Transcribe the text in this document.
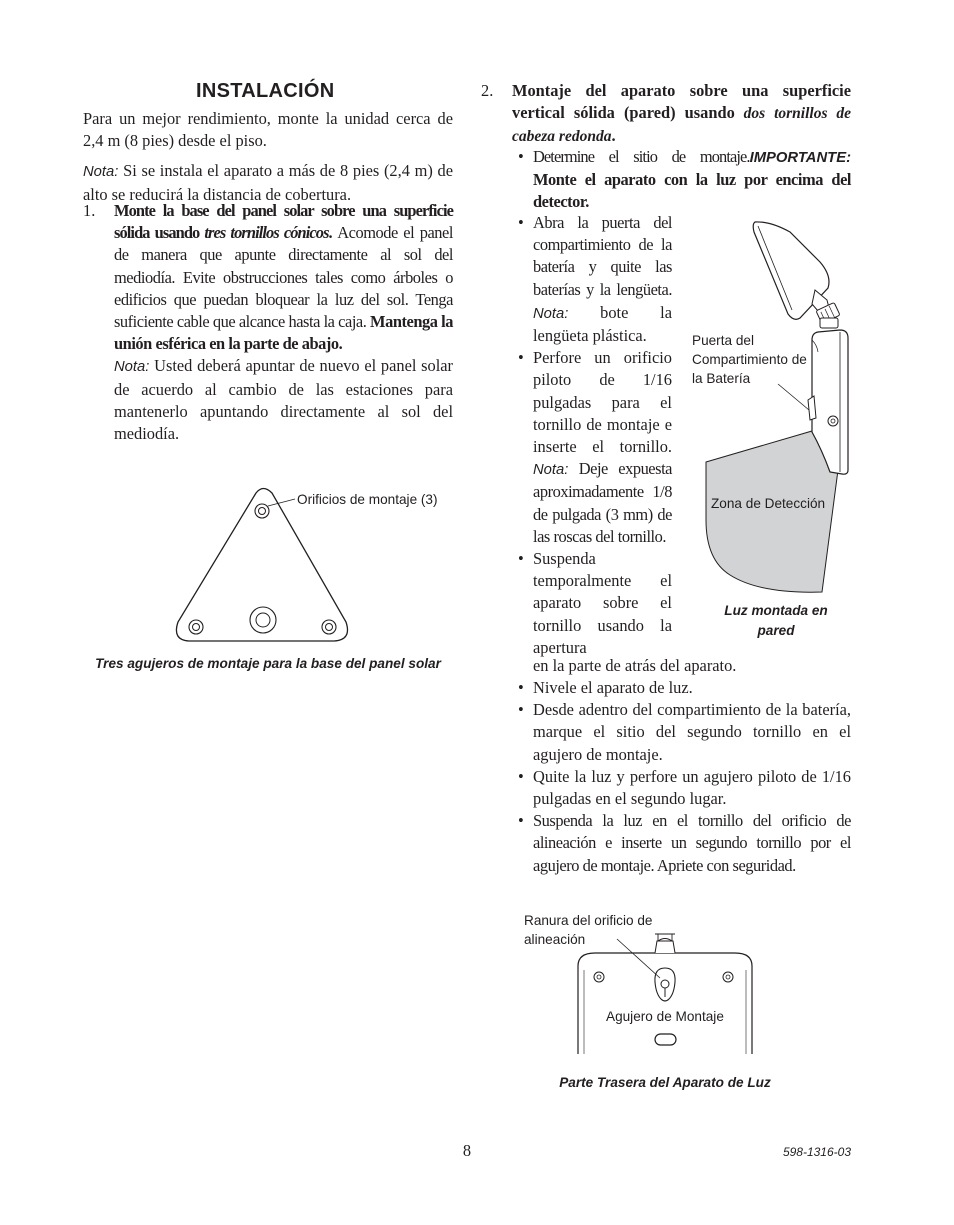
INSTALACIÓN

Para un mejor rendimiento, monte la unidad cerca de 2,4 m (8 pies) desde el piso.

Nota: Si se instala el aparato a más de 8 pies (2,4 m) de alto se reducirá la distancia de cobertura.

1. Monte la base del panel solar sobre una superficie sólida usando tres tornillos cónicos. Acomode el panel de manera que apunte directamente al sol del mediodía. Evite obstrucciones tales como árboles o edificios que puedan bloquear la luz del sol. Tenga suficiente cable que alcance hasta la caja. Mantenga la unión esférica en la parte de abajo.

Nota: Usted deberá apuntar de nuevo el panel solar de acuerdo al cambio de las estaciones para mantenerlo apuntando directamente al sol del mediodía.

Orificios de montaje (3)
Tres agujeros de montaje para la base del panel solar
2. Montaje del aparato sobre una superficie vertical sólida (pared) usando dos tornillos de cabeza redonda.

• Determine el sitio de montaje.IMPORTANTE: Monte el aparato con la luz por encima del detector.
• Abra la puerta del compartimiento de la batería y quite las baterías y la lengüeta. Nota: bote la lengüeta plástica.
• Perfore un orificio piloto de 1/16 pulgadas para el tornillo de montaje e inserte el tornillo. Nota: Deje expuesta aproximadamente 1/8 de pulgada (3 mm) de las roscas del tornillo.
• Suspenda temporalmente el aparato sobre el tornillo usando la apertura
en la parte de atrás del aparato.
• Nivele el aparato de luz.
• Desde adentro del compartimiento de la batería, marque el sitio del segundo tornillo en el agujero de montaje.
• Quite la luz y perfore un agujero piloto de 1/16 pulgadas en el segundo lugar.
• Suspenda la luz en el tornillo del orificio de alineación e inserte un segundo tornillo por el agujero de montaje. Apriete con seguridad.
Puerta del Compartimiento de la Batería
Zona de Detección
Luz montada en pared
Ranura del orificio de alineación
Agujero de Montaje
Parte Trasera del Aparato de Luz
8	598-1316-03
